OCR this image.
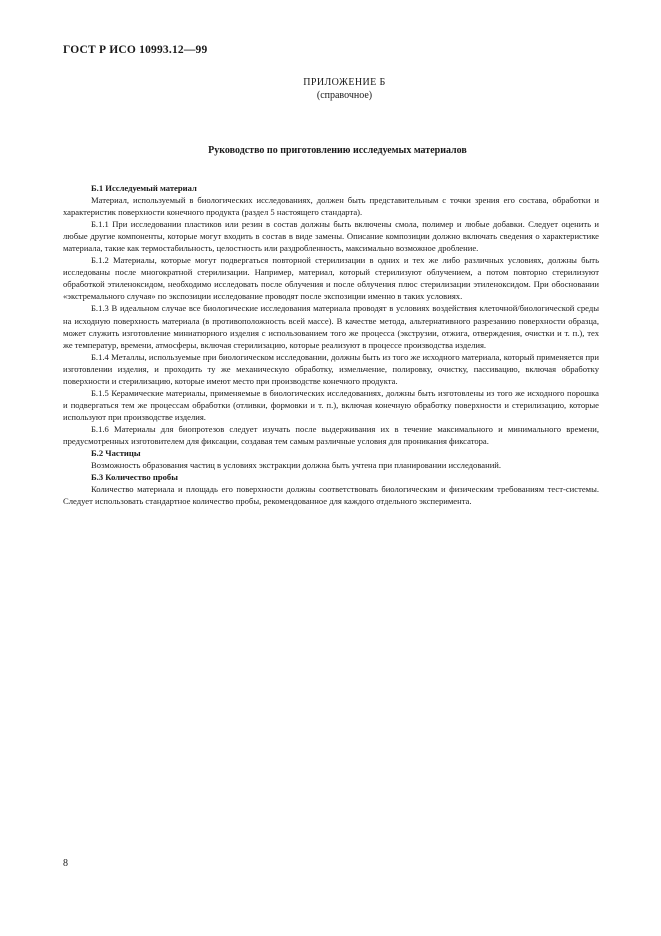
ГОСТ Р ИСО 10993.12—99
ПРИЛОЖЕНИЕ Б
(справочное)
Руководство по приготовлению исследуемых материалов

Б.1 Исследуемый материал

Материал, используемый в биологических исследованиях, должен быть представительным с точки зрения его состава, обработки и характеристик поверхности конечного продукта (раздел 5 настоящего стандарта).

Б.1.1 При исследовании пластиков или резин в состав должны быть включены смола, полимер и любые добавки. Следует оценить и любые другие компоненты, которые могут входить в состав в виде замены. Описание композиции должно включать сведения о характеристике материала, такие как термостабильность, целостность или раздробленность, максимально возможное дробление.

Б.1.2 Материалы, которые могут подвергаться повторной стерилизации в одних и тех же либо различных условиях, должны быть исследованы после многократной стерилизации. Например, материал, который стерилизуют облучением, а потом повторно стерилизуют обработкой этиленоксидом, необходимо исследовать после облучения и после облучения плюс стерилизации этиленоксидом. При обосновании «экстремального случая» по экспозиции исследование проводят после экспозиции именно в таких условиях.

Б.1.3 В идеальном случае все биологические исследования материала проводят в условиях воздействия клеточной/биологической среды на исходную поверхность материала (в противоположность всей массе). В качестве метода, альтернативного разрезанию поверхности образца, может служить изготовление миниатюрного изделия с использованием того же процесса (экструзии, отжига, отверждения, очистки и т. п.), тех же температур, времени, атмосферы, включая стерилизацию, которые реализуют в процессе производства изделия.

Б.1.4 Металлы, используемые при биологическом исследовании, должны быть из того же исходного материала, который применяется при изготовлении изделия, и проходить ту же механическую обработку, измельчение, полировку, очистку, пассивацию, включая обработку поверхности и стерилизацию, которые имеют место при производстве конечного продукта.

Б.1.5 Керамические материалы, применяемые в биологических исследованиях, должны быть изготовлены из того же исходного порошка и подвергаться тем же процессам обработки (отливки, формовки и т. п.), включая конечную обработку поверхности и стерилизацию, которые используют при производстве изделия.

Б.1.6 Материалы для биопротезов следует изучать после выдерживания их в течение максимального и минимального времени, предусмотренных изготовителем для фиксации, создавая тем самым различные условия для проникания фиксатора.

Б.2 Частицы

Возможность образования частиц в условиях экстракции должна быть учтена при планировании исследований.

Б.3 Количество пробы

Количество материала и площадь его поверхности должны соответствовать биологическим и физическим требованиям тест-системы. Следует использовать стандартное количество пробы, рекомендованное для каждого отдельного эксперимента.

8
